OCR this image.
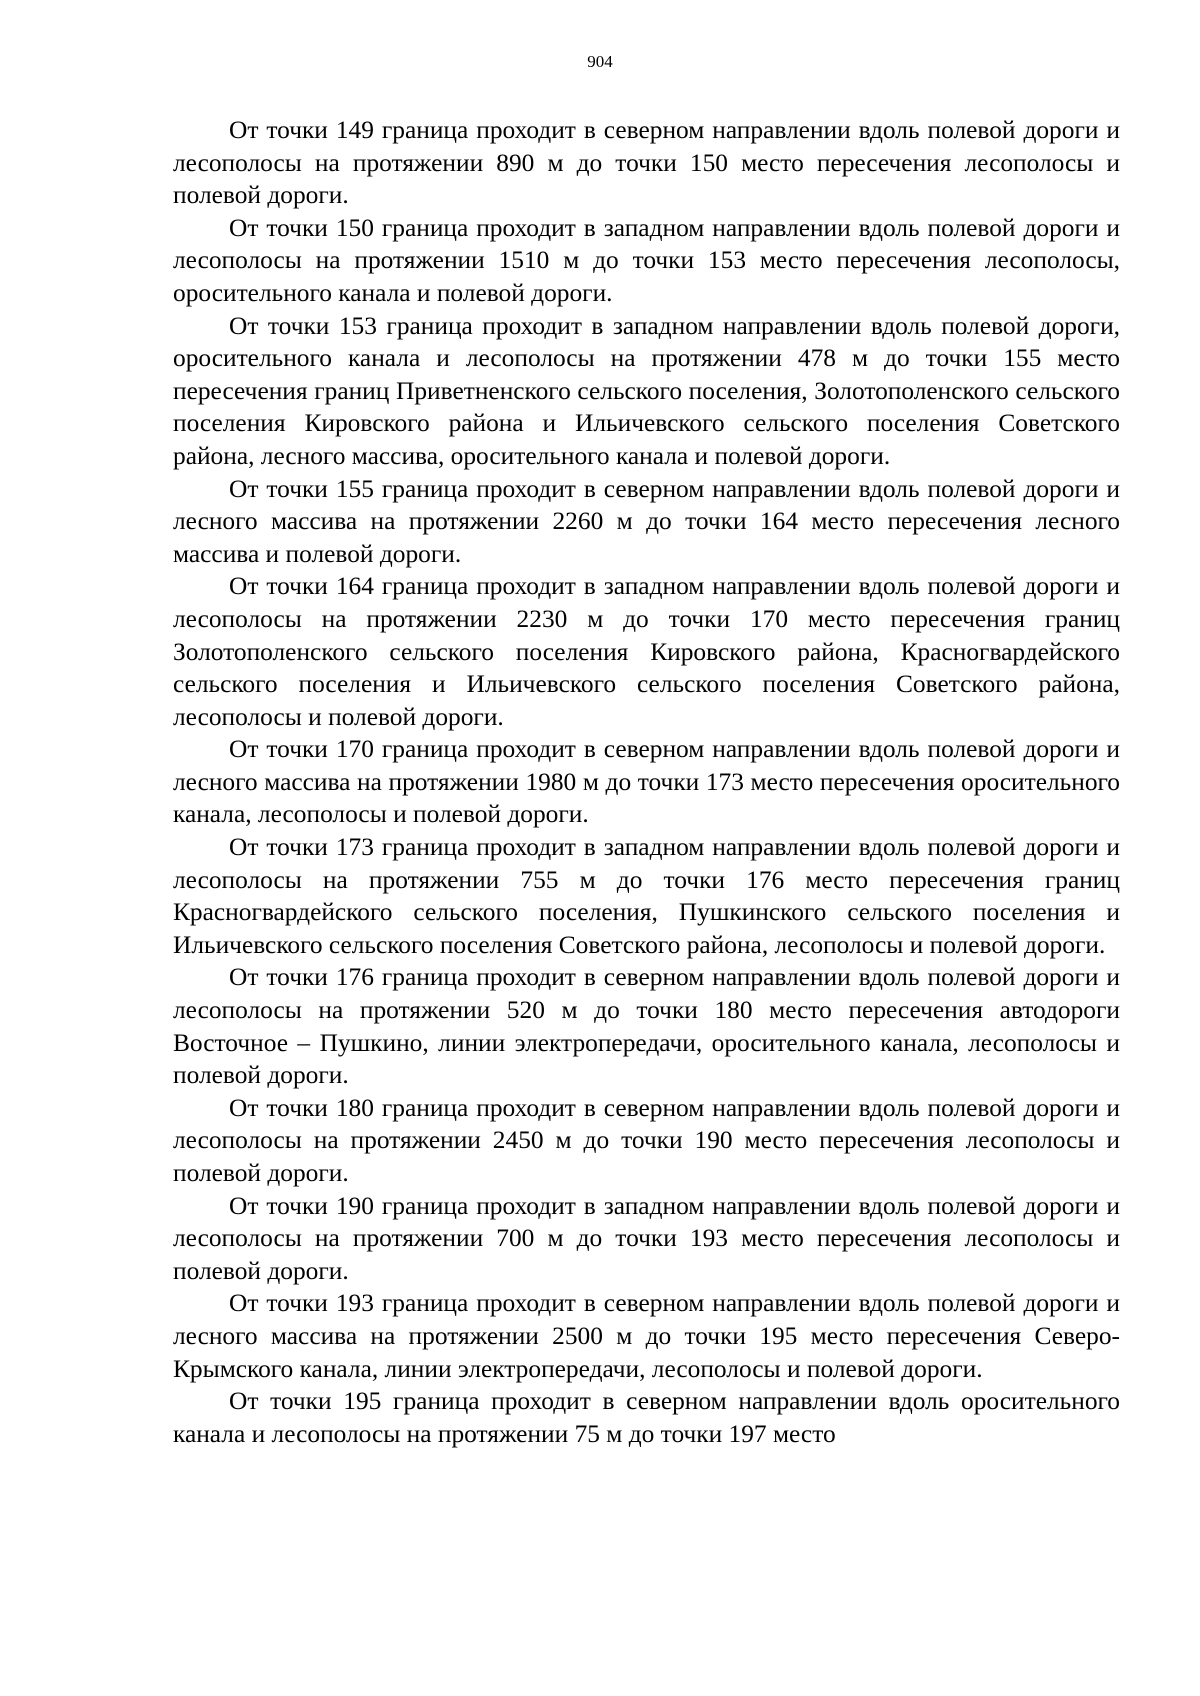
904

От точки 149 граница проходит в северном направлении вдоль полевой дороги и лесополосы на протяжении 890 м до точки 150 место пересечения лесополосы и полевой дороги.

От точки 150 граница проходит в западном направлении вдоль полевой дороги и лесополосы на протяжении 1510 м до точки 153 место пересечения лесополосы, оросительного канала и полевой дороги.

От точки 153 граница проходит в западном направлении вдоль полевой дороги, оросительного канала и лесополосы на протяжении 478 м до точки 155 место пересечения границ Приветненского сельского поселения, Золотополенского сельского поселения Кировского района и Ильичевского сельского поселения Советского района, лесного массива, оросительного канала и полевой дороги.

От точки 155 граница проходит в северном направлении вдоль полевой дороги и лесного массива на протяжении 2260 м до точки 164 место пересечения лесного массива и полевой дороги.

От точки 164 граница проходит в западном направлении вдоль полевой дороги и лесополосы на протяжении 2230 м до точки 170 место пересечения границ Золотополенского сельского поселения Кировского района, Красногвардейского сельского поселения и Ильичевского сельского поселения Советского района, лесополосы и полевой дороги.

От точки 170 граница проходит в северном направлении вдоль полевой дороги и лесного массива на протяжении 1980 м до точки 173 место пересечения оросительного канала, лесополосы и полевой дороги.

От точки 173 граница проходит в западном направлении вдоль полевой дороги и лесополосы на протяжении 755 м до точки 176 место пересечения границ Красногвардейского сельского поселения, Пушкинского сельского поселения и Ильичевского сельского поселения Советского района, лесополосы и полевой дороги.

От точки 176 граница проходит в северном направлении вдоль полевой дороги и лесополосы на протяжении 520 м до точки 180 место пересечения автодороги Восточное – Пушкино, линии электропередачи, оросительного канала, лесополосы и полевой дороги.

От точки 180 граница проходит в северном направлении вдоль полевой дороги и лесополосы на протяжении 2450 м до точки 190 место пересечения лесополосы и полевой дороги.

От точки 190 граница проходит в западном направлении вдоль полевой дороги и лесополосы на протяжении 700 м до точки 193 место пересечения лесополосы и полевой дороги.

От точки 193 граница проходит в северном направлении вдоль полевой дороги и лесного массива на протяжении 2500 м до точки 195 место пересечения Северо-Крымского канала, линии электропередачи, лесополосы и полевой дороги.

От точки 195 граница проходит в северном направлении вдоль оросительного канала и лесополосы на протяжении 75 м до точки 197 место
